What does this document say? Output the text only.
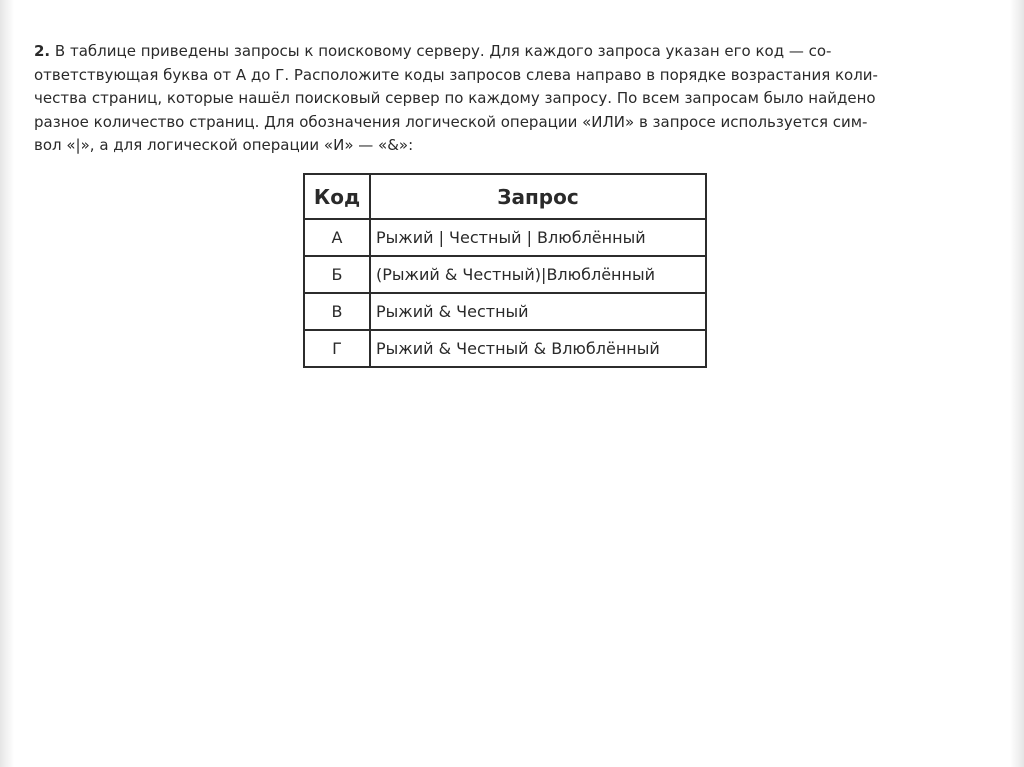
2. В таблице приведены запросы к поисковому серверу. Для каждого запроса указан его код — со-
ответствующая буква от А до Г. Расположите коды запросов слева направо в порядке возрастания коли-
чества страниц, которые нашёл поисковый сервер по каждому запросу. По всем запросам было найдено
разное количество страниц. Для обозначения логической операции «ИЛИ» в запросе используется сим-
вол «|», а для логической операции «И» — «&»:

Код	Запрос
А	Рыжий | Честный | Влюблённый
Б	(Рыжий & Честный)|Влюблённый
В	Рыжий & Честный
Г	Рыжий & Честный & Влюблённый
